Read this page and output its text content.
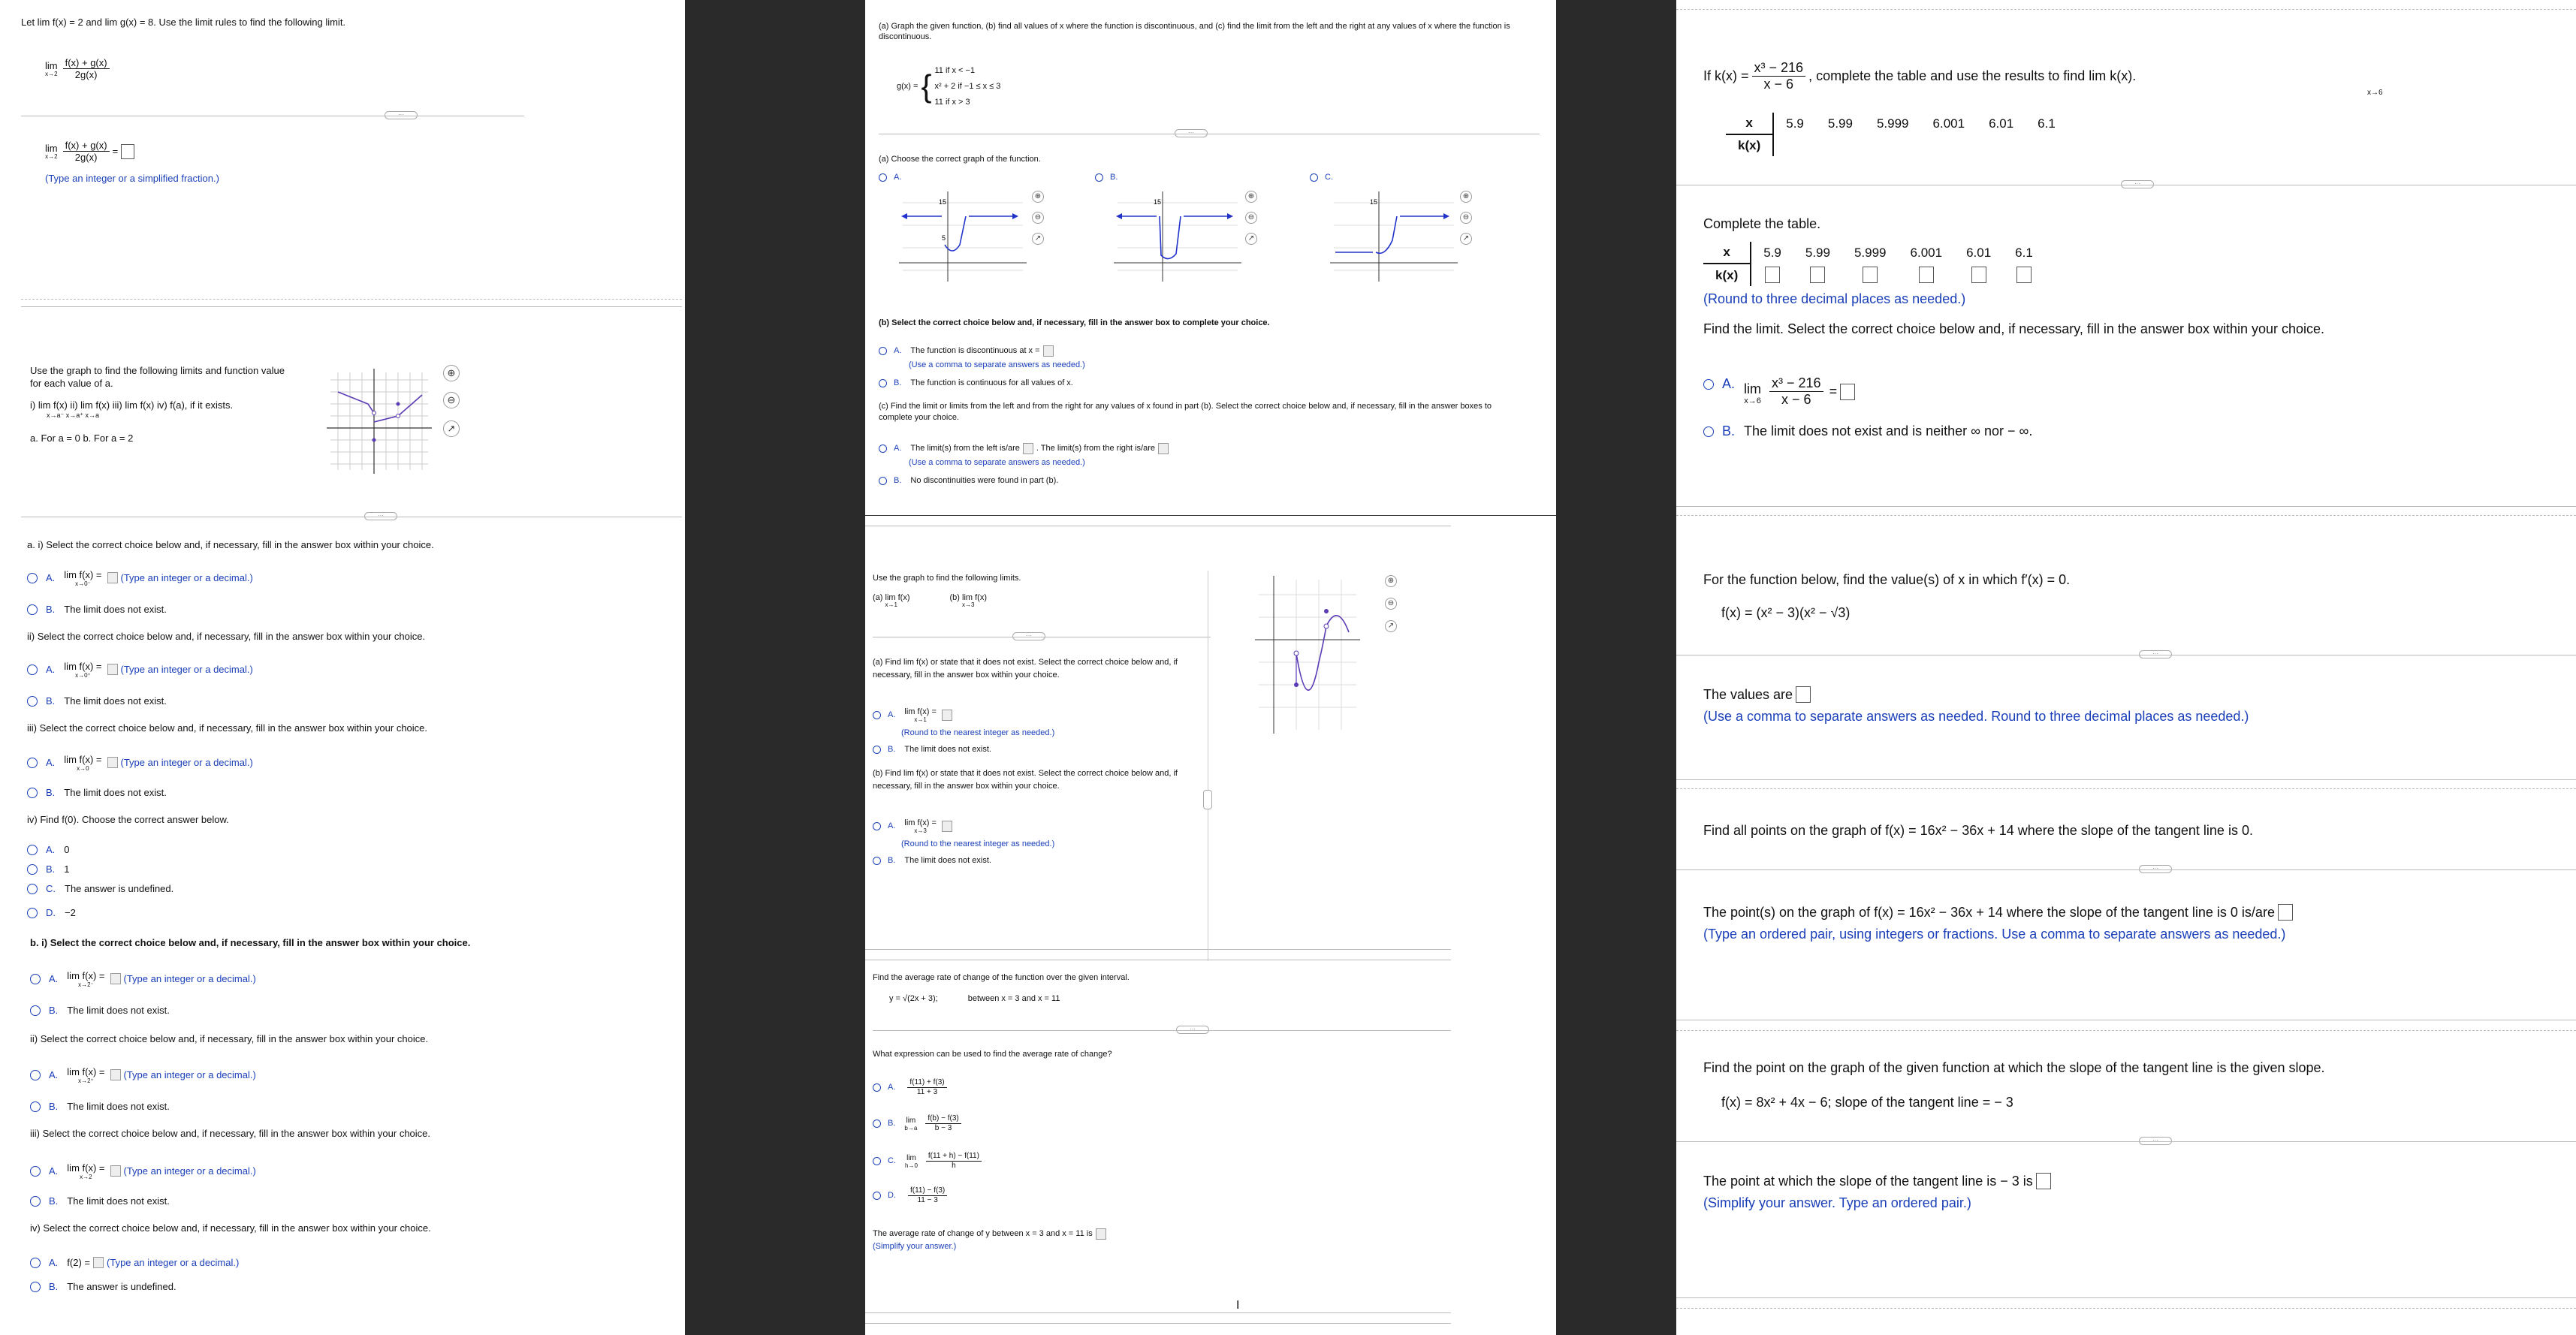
Let lim f(x) = 2 and lim g(x) = 8. Use the limit rules to find the following limit.
lim
$x\to 2 \frac{f(x) + g(x)}{2g(x)}$
···
lim
$x\to 2 \frac{f(x) + g(x)}{2g(x)}$ =
(Type an integer or a simplified fraction.)
Use the graph to find the following limits and function value
for each value of a.
i) lim f(x) ii) lim f(x) iii) lim f(x) iv) f(a), if it exists.
x→a⁻ x→a⁺ x→a
a. For a = 0 b. For a = 2
⊕
⊖
↗
···
a. i) Select the correct choice below and, if necessary, fill in the answer box within your choice.
A. lim f(x) =
x→0⁻
(Type an integer or a decimal.)
B. The limit does not exist.
ii) Select the correct choice below and, if necessary, fill in the answer box within your choice.
A. lim f(x) =
x→0⁺
(Type an integer or a decimal.)
B. The limit does not exist.
iii) Select the correct choice below and, if necessary, fill in the answer box within your choice.
A. lim f(x) =
x→0
(Type an integer or a decimal.)
B. The limit does not exist.
iv) Find f(0). Choose the correct answer below.
A. 0
B. 1
C. The answer is undefined.
D. −2
b. i) Select the correct choice below and, if necessary, fill in the answer box within your choice.
A. lim f(x) =
x→2⁻
(Type an integer or a decimal.)
B. The limit does not exist.
ii) Select the correct choice below and, if necessary, fill in the answer box within your choice.
A. lim f(x) =
x→2⁺
(Type an integer or a decimal.)
B. The limit does not exist.
iii) Select the correct choice below and, if necessary, fill in the answer box within your choice.
A. lim f(x) =
x→2
(Type an integer or a decimal.)
B. The limit does not exist.
iv) Select the correct choice below and, if necessary, fill in the answer box within your choice.
A. f(2) = (Type an integer or a decimal.)
B. The answer is undefined.
(a) Graph the given function, (b) find all values of x where the function is discontinuous, and (c) find the limit from the left and the right at any values of x where the function is discontinuous.
g(x) = { 11 if x < −1
x² + 2 if −1 ≤ x ≤ 3
11 if x > 3
···
(a) Choose the correct graph of the function.
A.	B.	C.
15
5
⊕
⊖
↗
15
⊕
⊖
↗
15
⊕
⊖
↗
(b) Select the correct choice below and, if necessary, fill in the answer box to complete your choice.
A. The function is discontinuous at x =
(Use a comma to separate answers as needed.)
B. The function is continuous for all values of x.
(c) Find the limit or limits from the left and from the right for any values of x found in part (b). Select the correct choice below and, if necessary, fill in the answer boxes to complete your choice.
A. The limit(s) from the left is/are . The limit(s) from the right is/are
(Use a comma to separate answers as needed.)
B. No discontinuities were found in part (b).
Use the graph to find the following limits.
(a) lim f(x)
x→1
(b) lim f(x)
x→3
···
⊕
⊖
↗
(a) Find lim f(x) or state that it does not exist. Select the correct choice below and, if necessary, fill in the answer box within your choice.
A. lim f(x) =
x→1
(Round to the nearest integer as needed.)
B. The limit does not exist.
(b) Find lim f(x) or state that it does not exist. Select the correct choice below and, if necessary, fill in the answer box within your choice.
A. lim f(x) =
x→3
(Round to the nearest integer as needed.)
B. The limit does not exist.
Find the average rate of change of the function over the given interval.
y = √(2x + 3);	between x = 3 and x = 11
···
What expression can be used to find the average rate of change?
A. $\frac{f(11) + f(3)}{11 + 3}$
B. lim
$b\to a \frac{f(b) - f(3)}{b - 3}$
C. lim
$h\to 0 \frac{f(11 + h) - f(11)}{h}$
D. $\frac{f(11) - f(3)}{11 - 3}$
The average rate of change of y between x = 3 and x = 11 is
(Simplify your answer.)
I
If $k(x) = \frac{\text{x³ − 216}}{x - 6}$ , complete the table and use the results to find lim k(x).
x→6
x	5.9	5.99	5.999	6.001	6.01	6.1
k(x)						
···
Complete the table.
x	5.9	5.99	5.999	6.001	6.01	6.1
k(x)						
(Round to three decimal places as needed.)
Find the limit. Select the correct choice below and, if necessary, fill in the answer box within your choice.
A. lim
$x\to 6 \frac{\text{x³ − 216}}{x - 6}$ =
B. The limit does not exist and is neither ∞ nor − ∞.
For the function below, find the value(s) of x in which f′(x) = 0.
f(x) = (x² − 3)(x² − √3)
···
The values are
(Use a comma to separate answers as needed. Round to three decimal places as needed.)
Find all points on the graph of f(x) = 16x² − 36x + 14 where the slope of the tangent line is 0.
···
The point(s) on the graph of f(x) = 16x² − 36x + 14 where the slope of the tangent line is 0 is/are
(Type an ordered pair, using integers or fractions. Use a comma to separate answers as needed.)
Find the point on the graph of the given function at which the slope of the tangent line is the given slope.
f(x) = 8x² + 4x − 6; slope of the tangent line = − 3
···
The point at which the slope of the tangent line is − 3 is
(Simplify your answer. Type an ordered pair.)
